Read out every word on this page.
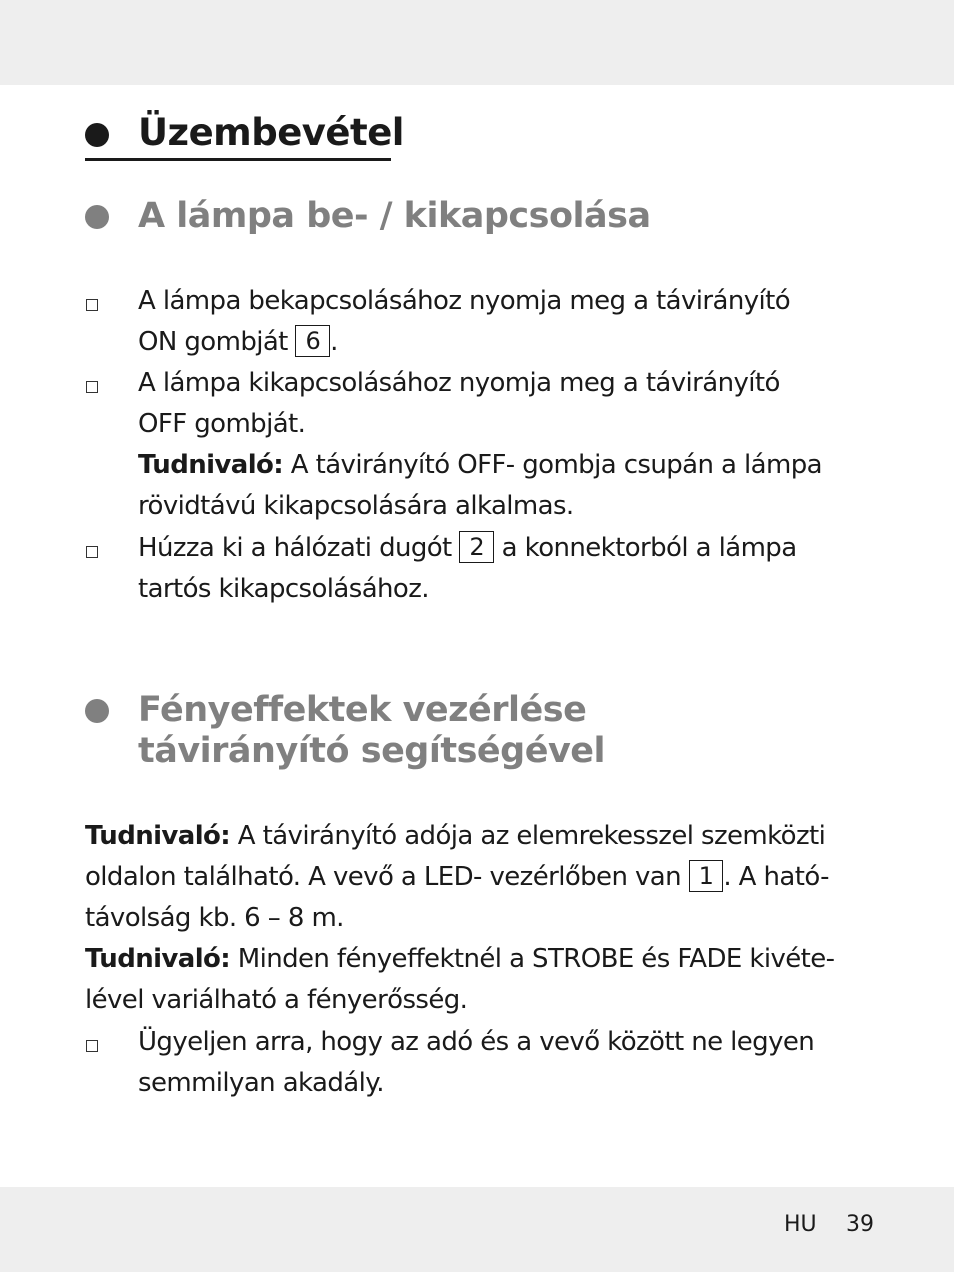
Üzembevétel
A lámpa be- / kikapcsolása
A lámpa bekapcsolásához nyomja meg a távirányító
ON gombját 6 .
A lámpa kikapcsolásához nyomja meg a távirányító
OFF gombját.
Tudnivaló: A távirányító OFF- gombja csupán a lámpa
rövidtávú kikapcsolására alkalmas.
Húzza ki a hálózati dugót 2 a konnektorból a lámpa
tartós kikapcsolásához.
Fényeffektek vezérlése
távirányító segítségével
Tudnivaló: A távirányító adója az elemrekesszel szemközti
oldalon található. A vevő a LED- vezérlőben van 1 . A ható-
távolság kb. 6 – 8 m.
Tudnivaló: Minden fényeffektnél a STROBE és FADE kivéte-
lével variálható a fényerősség.
Ügyeljen arra, hogy az adó és a vevő között ne legyen
semmilyan akadály.
HU 39
